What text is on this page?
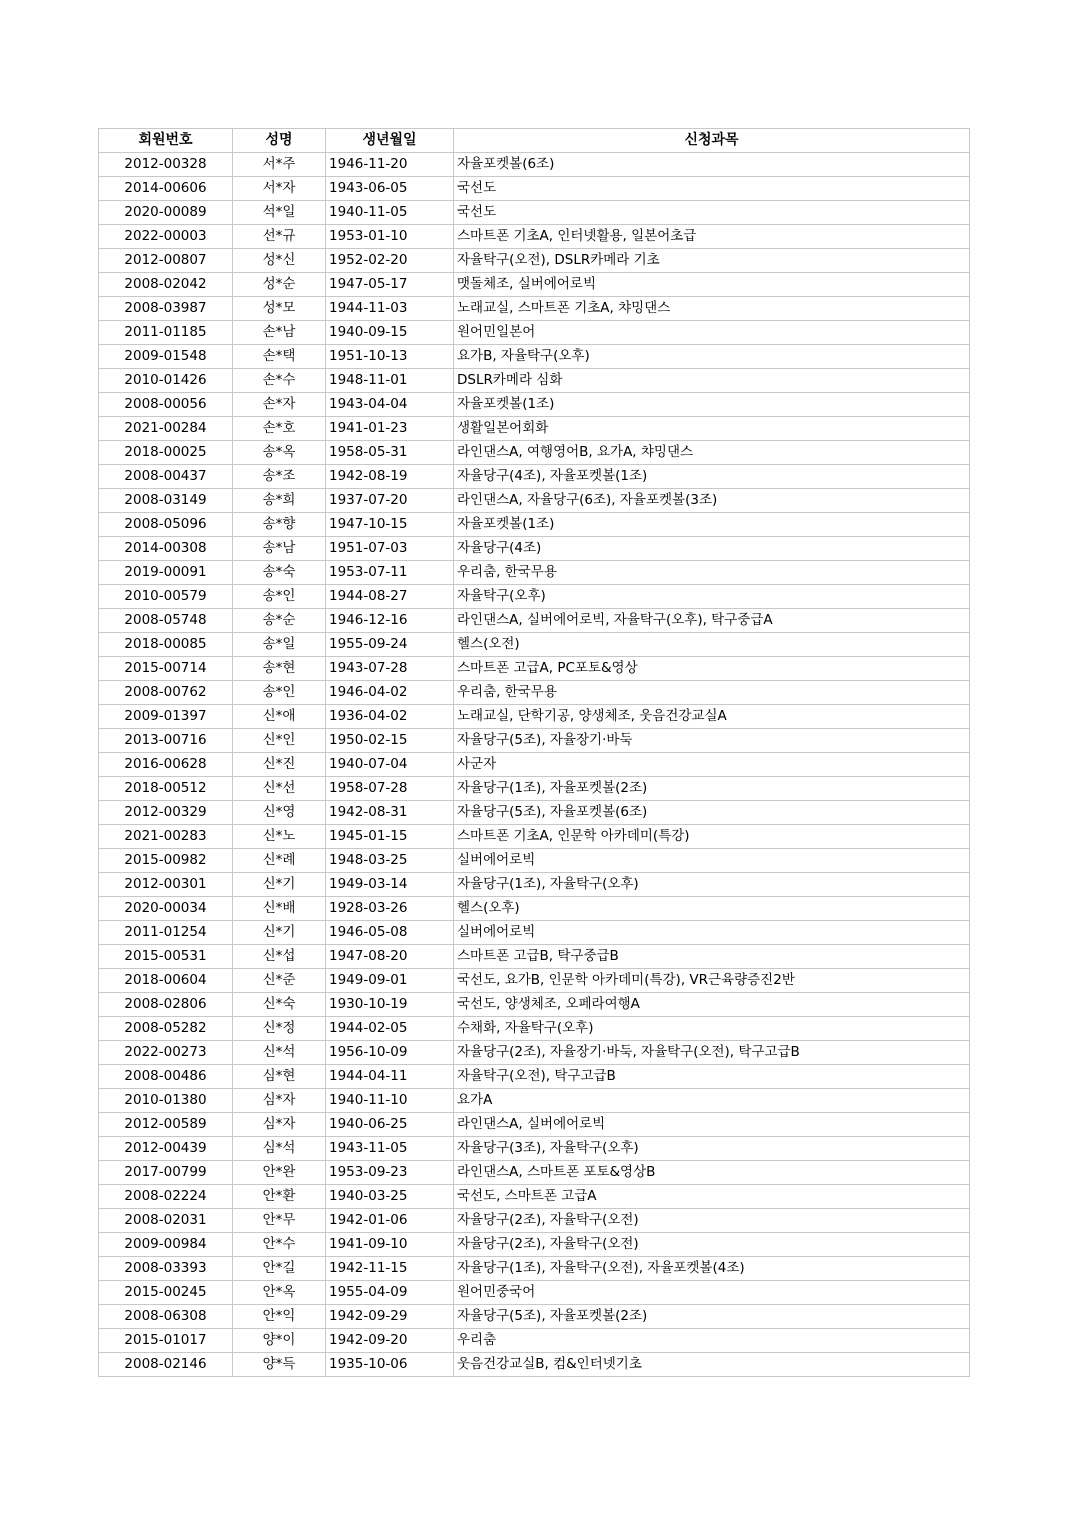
회원번호	성명	생년월일	신청과목
2012-00328	서*주	1946-11-20	자율포켓볼(6조)
2014-00606	서*자	1943-06-05	국선도
2020-00089	석*일	1940-11-05	국선도
2022-00003	선*규	1953-01-10	스마트폰 기초A, 인터넷활용, 일본어초급
2012-00807	성*신	1952-02-20	자율탁구(오전), DSLR카메라 기초
2008-02042	성*순	1947-05-17	맷돌체조, 실버에어로빅
2008-03987	성*모	1944-11-03	노래교실, 스마트폰 기초A, 챠밍댄스
2011-01185	손*남	1940-09-15	원어민일본어
2009-01548	손*택	1951-10-13	요가B, 자율탁구(오후)
2010-01426	손*수	1948-11-01	DSLR카메라 심화
2008-00056	손*자	1943-04-04	자율포켓볼(1조)
2021-00284	손*호	1941-01-23	생활일본어회화
2018-00025	송*옥	1958-05-31	라인댄스A, 여행영어B, 요가A, 챠밍댄스
2008-00437	송*조	1942-08-19	자율당구(4조), 자율포켓볼(1조)
2008-03149	송*희	1937-07-20	라인댄스A, 자율당구(6조), 자율포켓볼(3조)
2008-05096	송*향	1947-10-15	자율포켓볼(1조)
2014-00308	송*남	1951-07-03	자율당구(4조)
2019-00091	송*숙	1953-07-11	우리춤, 한국무용
2010-00579	송*인	1944-08-27	자율탁구(오후)
2008-05748	송*순	1946-12-16	라인댄스A, 실버에어로빅, 자율탁구(오후), 탁구중급A
2018-00085	송*일	1955-09-24	헬스(오전)
2015-00714	송*현	1943-07-28	스마트폰 고급A, PC포토&영상
2008-00762	송*인	1946-04-02	우리춤, 한국무용
2009-01397	신*애	1936-04-02	노래교실, 단학기공, 양생체조, 웃음건강교실A
2013-00716	신*인	1950-02-15	자율당구(5조), 자율장기·바둑
2016-00628	신*진	1940-07-04	사군자
2018-00512	신*선	1958-07-28	자율당구(1조), 자율포켓볼(2조)
2012-00329	신*영	1942-08-31	자율당구(5조), 자율포켓볼(6조)
2021-00283	신*노	1945-01-15	스마트폰 기초A, 인문학 아카데미(특강)
2015-00982	신*례	1948-03-25	실버에어로빅
2012-00301	신*기	1949-03-14	자율당구(1조), 자율탁구(오후)
2020-00034	신*배	1928-03-26	헬스(오후)
2011-01254	신*기	1946-05-08	실버에어로빅
2015-00531	신*섭	1947-08-20	스마트폰 고급B, 탁구중급B
2018-00604	신*준	1949-09-01	국선도, 요가B, 인문학 아카데미(특강), VR근육량증진2반
2008-02806	신*숙	1930-10-19	국선도, 양생체조, 오페라여행A
2008-05282	신*정	1944-02-05	수채화, 자율탁구(오후)
2022-00273	신*석	1956-10-09	자율당구(2조), 자율장기·바둑, 자율탁구(오전), 탁구고급B
2008-00486	심*현	1944-04-11	자율탁구(오전), 탁구고급B
2010-01380	심*자	1940-11-10	요가A
2012-00589	심*자	1940-06-25	라인댄스A, 실버에어로빅
2012-00439	심*석	1943-11-05	자율당구(3조), 자율탁구(오후)
2017-00799	안*완	1953-09-23	라인댄스A, 스마트폰 포토&영상B
2008-02224	안*환	1940-03-25	국선도, 스마트폰 고급A
2008-02031	안*무	1942-01-06	자율당구(2조), 자율탁구(오전)
2009-00984	안*수	1941-09-10	자율당구(2조), 자율탁구(오전)
2008-03393	안*길	1942-11-15	자율당구(1조), 자율탁구(오전), 자율포켓볼(4조)
2015-00245	안*옥	1955-04-09	원어민중국어
2008-06308	안*익	1942-09-29	자율당구(5조), 자율포켓볼(2조)
2015-01017	양*이	1942-09-20	우리춤
2008-02146	양*득	1935-10-06	웃음건강교실B, 컴&인터넷기초
